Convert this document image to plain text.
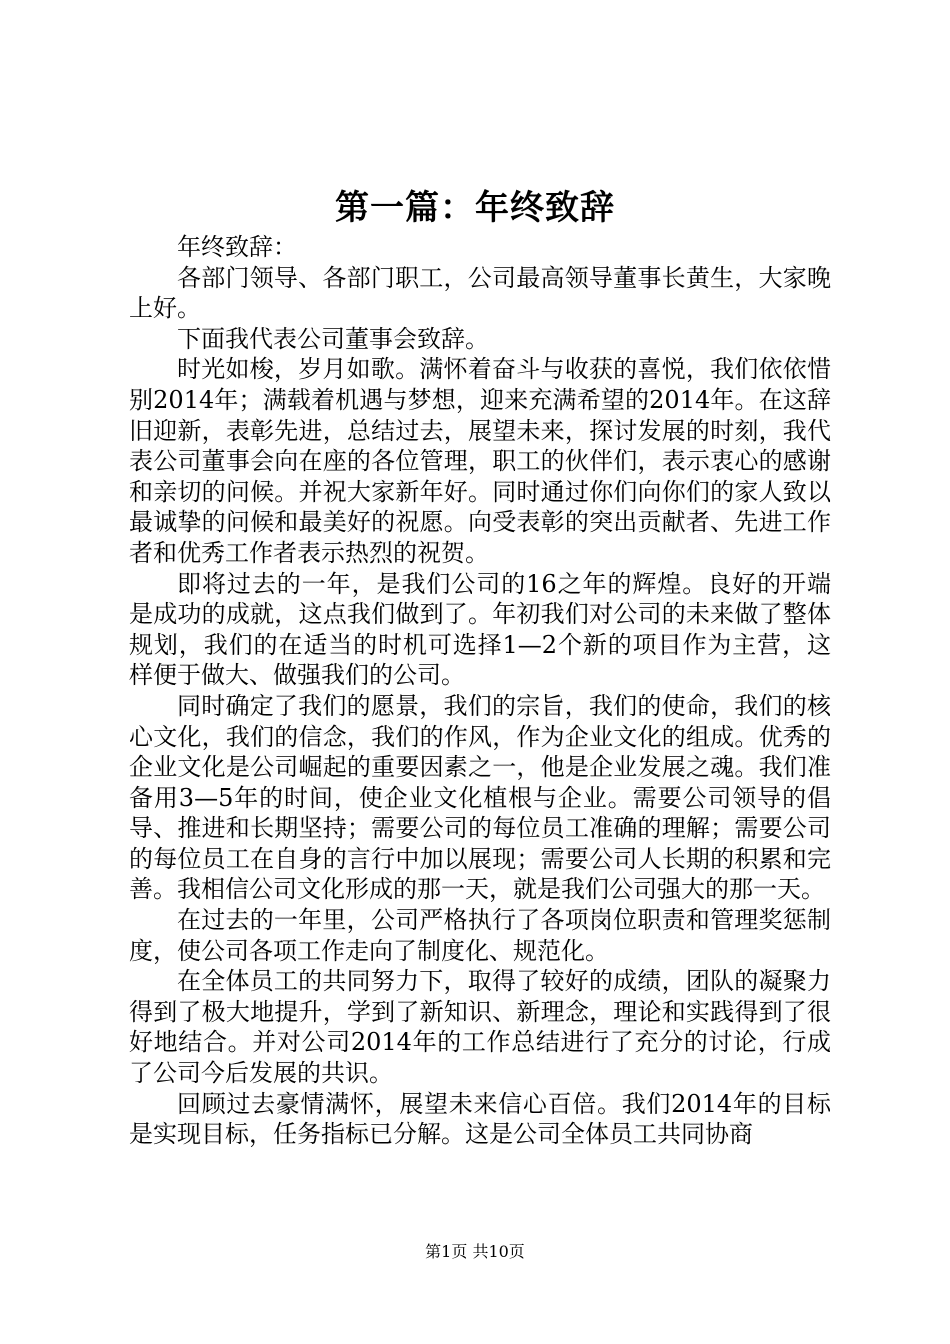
第一篇：年终致辞

年终致辞：

各部门领导、各部门职工，公司最高领导董事长黄生，大家晚上好。

下面我代表公司董事会致辞。

时光如梭，岁月如歌。满怀着奋斗与收获的喜悦，我们依依惜别2014年；满载着机遇与梦想，迎来充满希望的2014年。在这辞旧迎新，表彰先进，总结过去，展望未来，探讨发展的时刻，我代表公司董事会向在座的各位管理，职工的伙伴们，表示衷心的感谢和亲切的问候。并祝大家新年好。同时通过你们向你们的家人致以最诚挚的问候和最美好的祝愿。向受表彰的突出贡献者、先进工作者和优秀工作者表示热烈的祝贺。

即将过去的一年，是我们公司的16之年的辉煌。良好的开端是成功的成就，这点我们做到了。年初我们对公司的未来做了整体规划，我们的在适当的时机可选择1—2个新的项目作为主营，这样便于做大、做强我们的公司。

同时确定了我们的愿景，我们的宗旨，我们的使命，我们的核心文化，我们的信念，我们的作风，作为企业文化的组成。优秀的企业文化是公司崛起的重要因素之一，他是企业发展之魂。我们准备用3—5年的时间，使企业文化植根与企业。需要公司领导的倡导、推进和长期坚持；需要公司的每位员工准确的理解；需要公司的每位员工在自身的言行中加以展现；需要公司人长期的积累和完善。我相信公司文化形成的那一天，就是我们公司强大的那一天。

在过去的一年里，公司严格执行了各项岗位职责和管理奖惩制度，使公司各项工作走向了制度化、规范化。

在全体员工的共同努力下，取得了较好的成绩，团队的凝聚力得到了极大地提升，学到了新知识、新理念，理论和实践得到了很好地结合。并对公司2014年的工作总结进行了充分的讨论，行成了公司今后发展的共识。

回顾过去豪情满怀，展望未来信心百倍。我们2014年的目标是实现目标，任务指标已分解。这是公司全体员工共同协商

第1页 共10页
